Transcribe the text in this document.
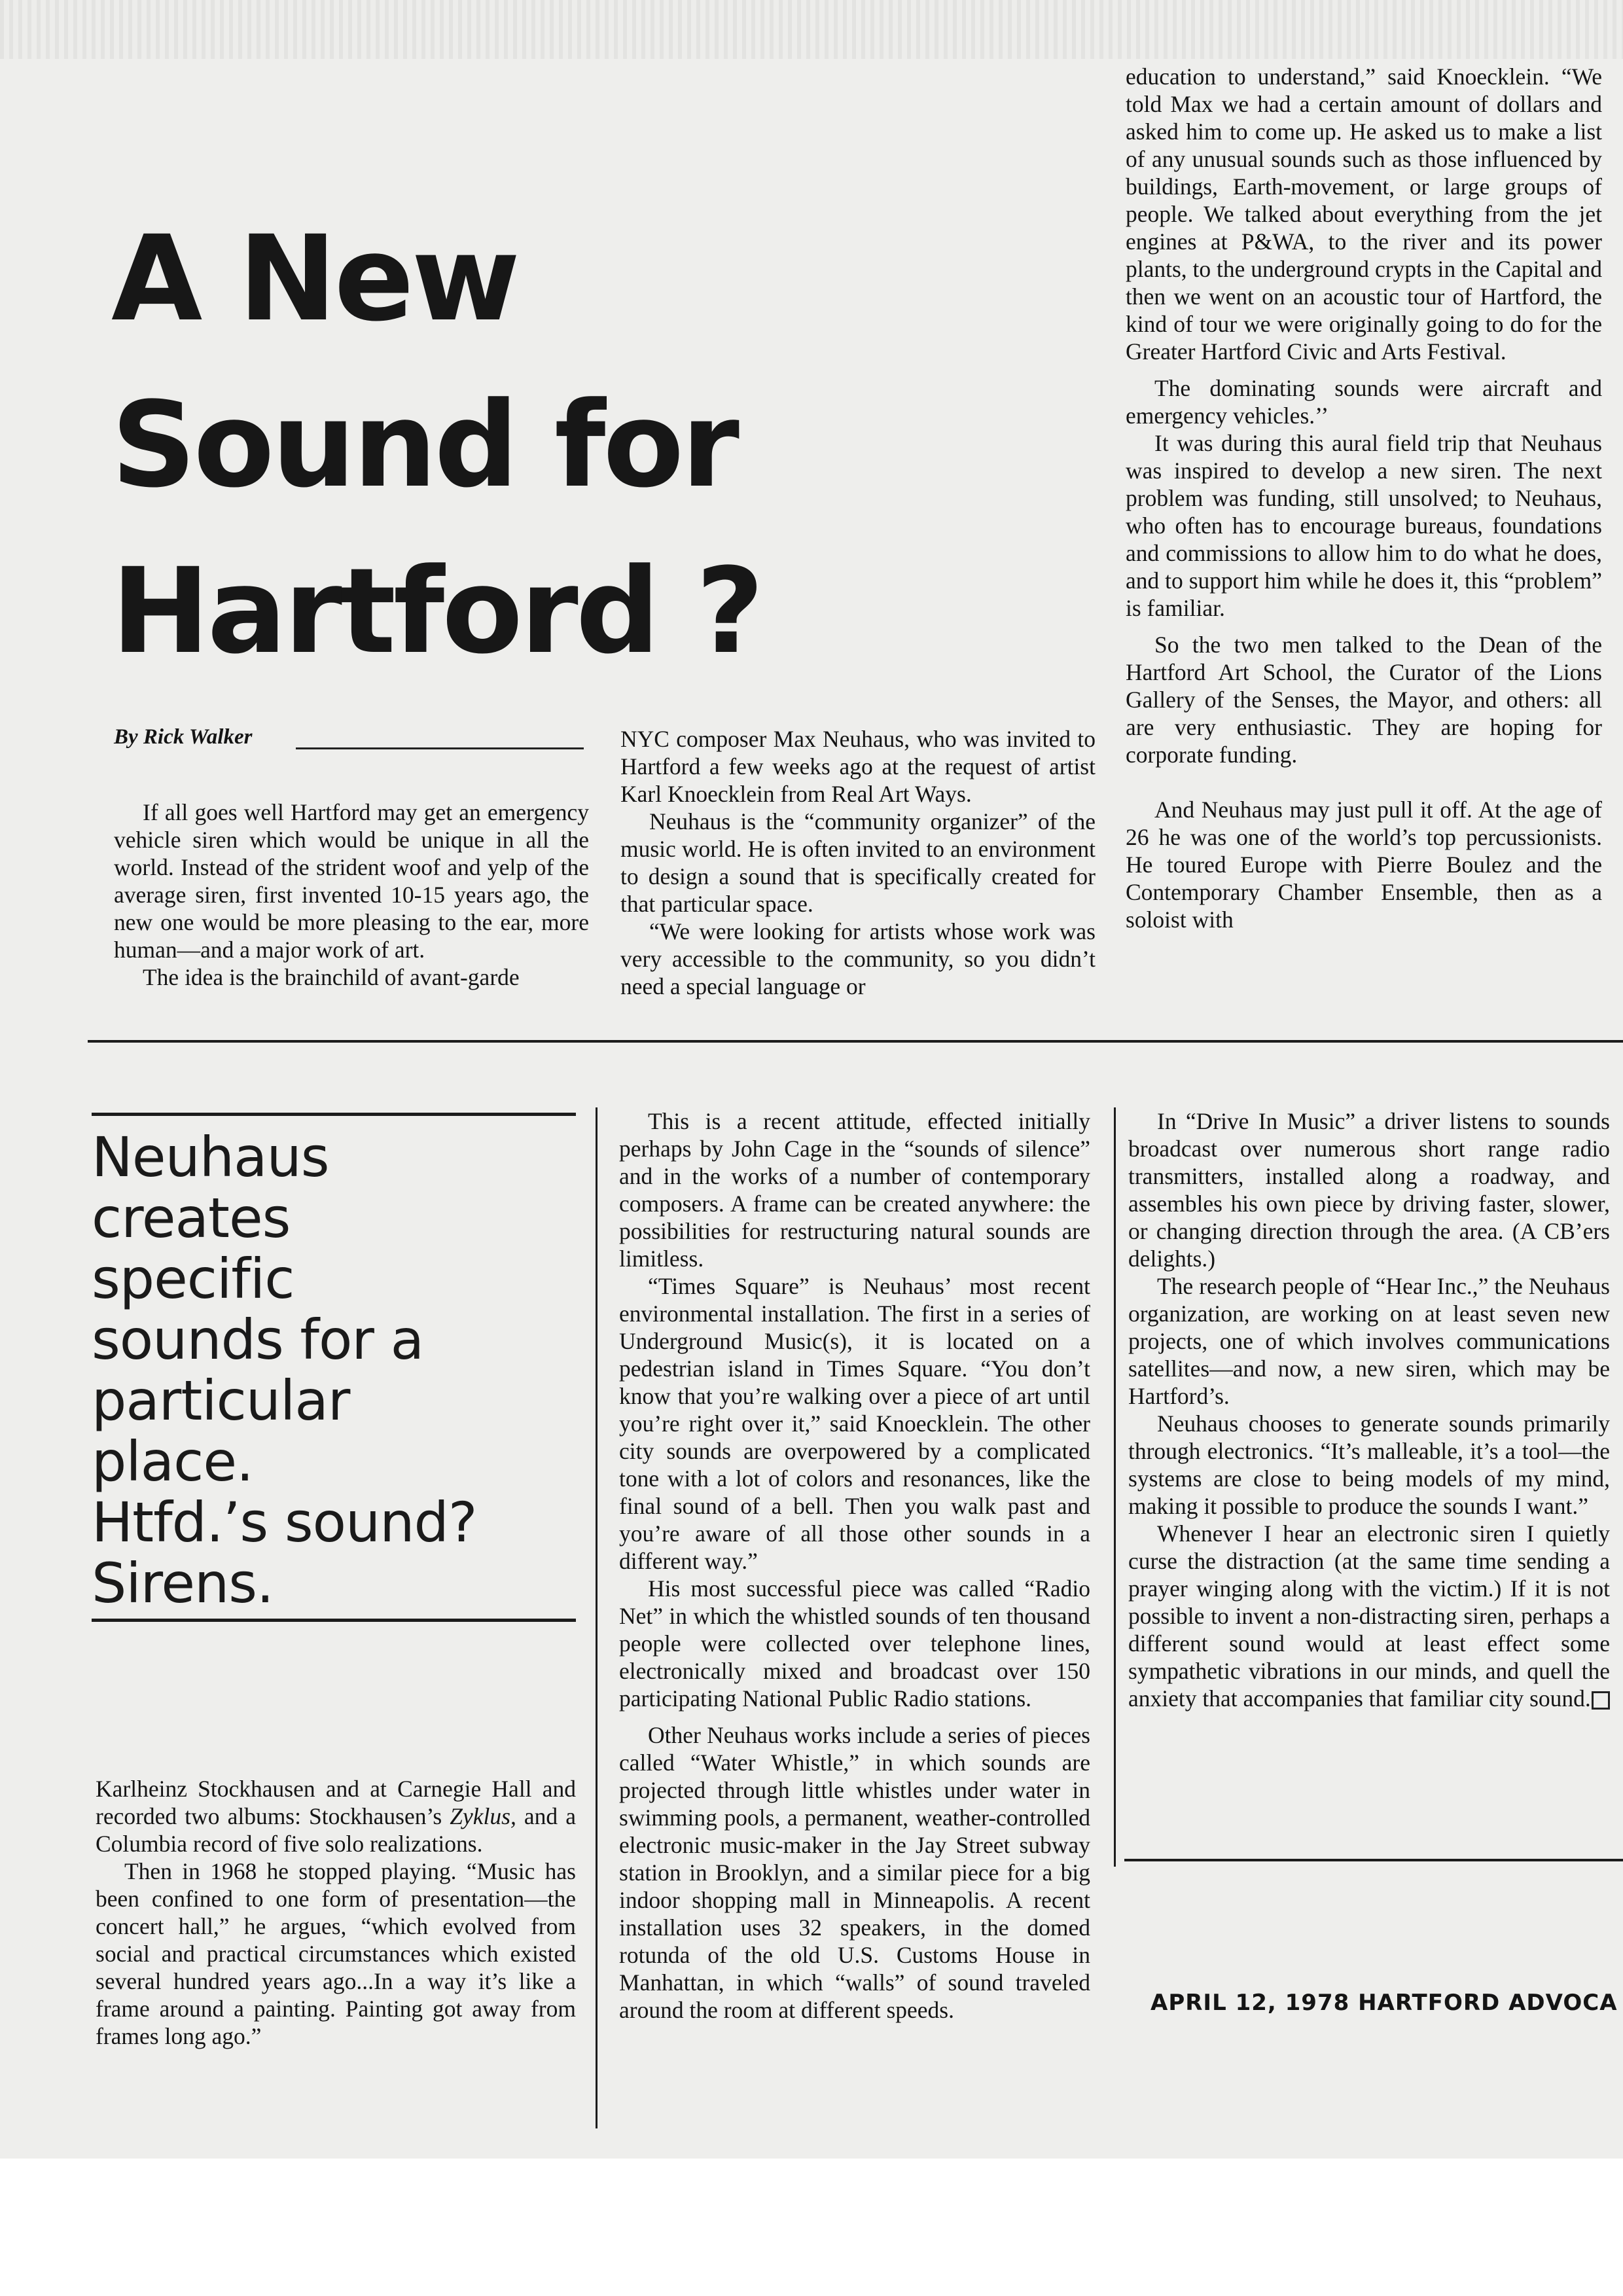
A New
Sound for
Hartford ?
By Rick Walker

If all goes well Hartford may get an emergency vehicle siren which would be unique in all the world. Instead of the strident woof and yelp of the average siren, first invented 10-15 years ago, the new one would be more pleasing to the ear, more human—and a major work of art.

The idea is the brainchild of avant-garde

NYC composer Max Neuhaus, who was invited to Hartford a few weeks ago at the request of artist Karl Knoecklein from Real Art Ways.

Neuhaus is the “community organizer” of the music world. He is often invited to an environment to design a sound that is specifically created for that particular space.

“We were looking for artists whose work was very accessible to the community, so you didn’t need a special language or

education to understand,” said Knoecklein. “We told Max we had a certain amount of dollars and asked him to come up. He asked us to make a list of any unusual sounds such as those influenced by buildings, Earth-movement, or large groups of people. We talked about everything from the jet engines at P&WA, to the river and its power plants, to the underground crypts in the Capital and then we went on an acoustic tour of Hartford, the kind of tour we were originally going to do for the Greater Hartford Civic and Arts Festival.

The dominating sounds were aircraft and emergency vehicles.’’

It was during this aural field trip that Neuhaus was inspired to develop a new siren. The next problem was funding, still unsolved; to Neuhaus, who often has to encourage bureaus, foundations and commissions to allow him to do what he does, and to support him while he does it, this “problem” is familiar.

So the two men talked to the Dean of the Hartford Art School, the Curator of the Lions Gallery of the Senses, the Mayor, and others: all are very enthusiastic. They are hoping for corporate funding.

And Neuhaus may just pull it off. At the age of 26 he was one of the world’s top percussionists. He toured Europe with Pierre Boulez and the Contemporary Chamber Ensemble, then as a soloist with

Neuhaus
creates
specific
sounds for a
particular
place.
Htfd.’s sound?
Sirens.

Karlheinz Stockhausen and at Carnegie Hall and recorded two albums: Stockhausen’s Zyklus, and a Columbia record of five solo realizations.

Then in 1968 he stopped playing. “Music has been confined to one form of presentation—the concert hall,” he argues, “which evolved from social and practical circumstances which existed several hundred years ago...In a way it’s like a frame around a painting. Painting got away from frames long ago.”

This is a recent attitude, effected initially perhaps by John Cage in the “sounds of silence” and in the works of a number of contemporary composers. A frame can be created anywhere: the possibilities for restructuring natural sounds are limitless.

“Times Square” is Neuhaus’ most recent environmental installation. The first in a series of Underground Music(s), it is located on a pedestrian island in Times Square. “You don’t know that you’re walking over a piece of art until you’re right over it,” said Knoecklein. The other city sounds are overpowered by a complicated tone with a lot of colors and resonances, like the final sound of a bell. Then you walk past and you’re aware of all those other sounds in a different way.”

His most successful piece was called “Radio Net” in which the whistled sounds of ten thousand people were collected over telephone lines, electronically mixed and broadcast over 150 participating National Public Radio stations.

Other Neuhaus works include a series of pieces called “Water Whistle,” in which sounds are projected through little whistles under water in swimming pools, a permanent, weather-controlled electronic music-maker in the Jay Street subway station in Brooklyn, and a similar piece for a big indoor shopping mall in Minneapolis. A recent installation uses 32 speakers, in the domed rotunda of the old U.S. Customs House in Manhattan, in which “walls” of sound traveled around the room at different speeds.

In “Drive In Music” a driver listens to sounds broadcast over numerous short range radio transmitters, installed along a roadway, and assembles his own piece by driving faster, slower, or changing direction through the area. (A CB’ers delights.)

The research people of “Hear Inc.,” the Neuhaus organization, are working on at least seven new projects, one of which involves communications satellites—and now, a new siren, which may be Hartford’s.

Neuhaus chooses to generate sounds primarily through electronics. “It’s malleable, it’s a tool—the systems are close to being models of my mind, making it possible to produce the sounds I want.”

Whenever I hear an electronic siren I quietly curse the distraction (at the same time sending a prayer winging along with the victim.) If it is not possible to invent a non-distracting siren, perhaps a different sound would at least effect some sympathetic vibrations in our minds, and quell the anxiety that accompanies that familiar city sound.

APRIL 12, 1978 HARTFORD ADVOCA
